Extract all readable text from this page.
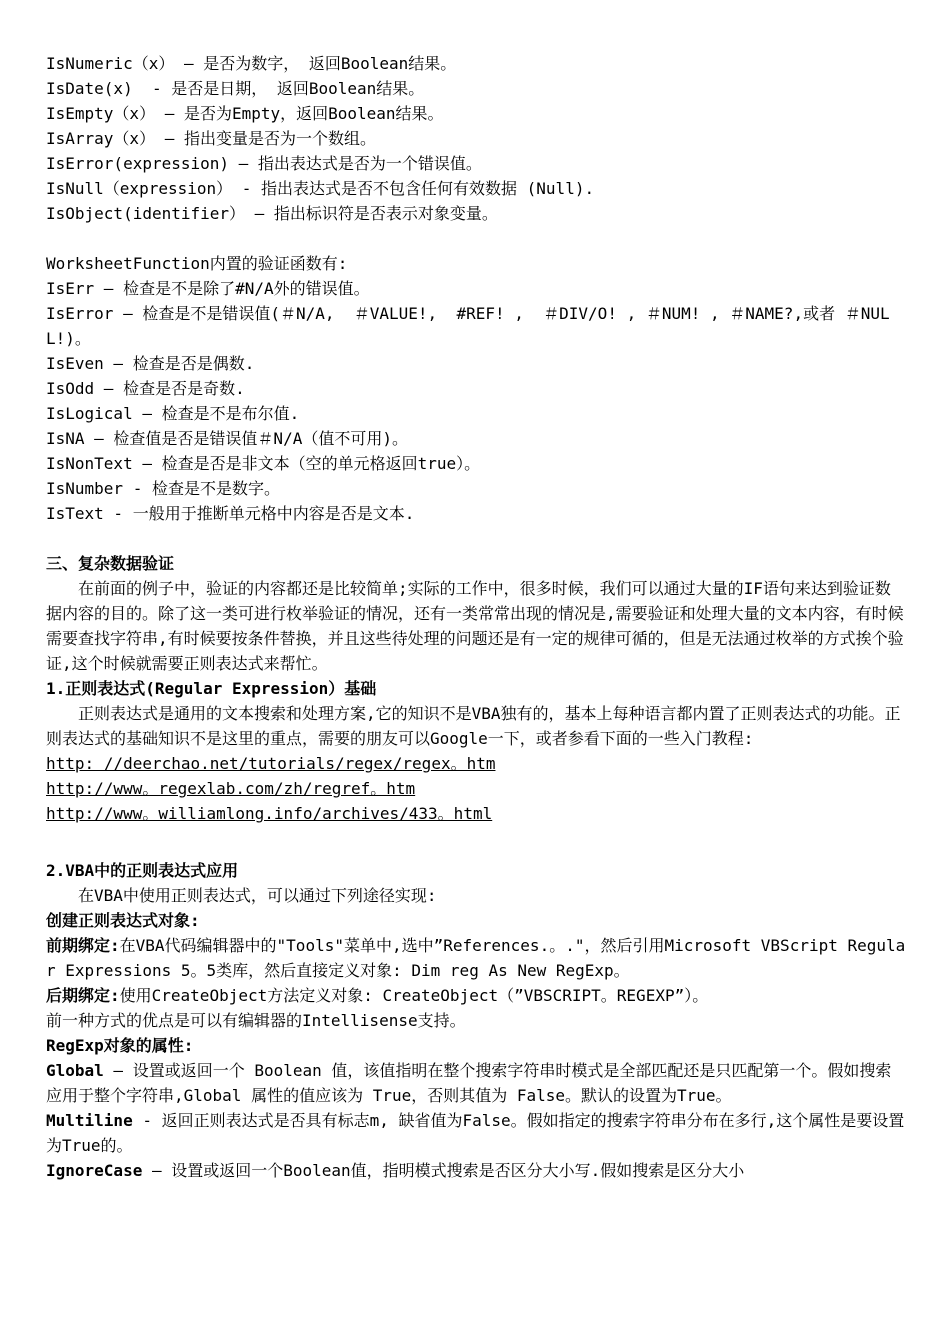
IsNumeric（x） — 是否为数字， 返回Boolean结果。
IsDate(x)  - 是否是日期， 返回Boolean结果。
IsEmpty（x） — 是否为Empty，返回Boolean结果。
IsArray（x） — 指出变量是否为一个数组。
IsError(expression) — 指出表达式是否为一个错误值。
IsNull（expression） - 指出表达式是否不包含任何有效数据 (Null).
IsObject(identifier） — 指出标识符是否表示对象变量。
WorksheetFunction内置的验证函数有:
IsErr — 检查是不是除了#N/A外的错误值。
IsError — 检查是不是错误值(＃N/A,  ＃VALUE!,  #REF! ,  ＃DIV/O! , ＃NUM! , ＃NAME?,或者 ＃NULL!)。
IsEven — 检查是否是偶数.
IsOdd — 检查是否是奇数.
IsLogical — 检查是不是布尔值.
IsNA — 检查值是否是错误值＃N/A（值不可用)。
IsNonText — 检查是否是非文本（空的单元格返回true）。
IsNumber - 检查是不是数字。
IsText - 一般用于推断单元格中内容是否是文本.
三、复杂数据验证
在前面的例子中，验证的内容都还是比较简单;实际的工作中，很多时候，我们可以通过大量的IF语句来达到验证数据内容的目的。除了这一类可进行枚举验证的情况，还有一类常常出现的情况是,需要验证和处理大量的文本内容，有时候需要查找字符串,有时候要按条件替换，并且这些待处理的问题还是有一定的规律可循的，但是无法通过枚举的方式挨个验证,这个时候就需要正则表达式来帮忙。
1.正则表达式(Regular Expression）基础
正则表达式是通用的文本搜索和处理方案,它的知识不是VBA独有的，基本上每种语言都内置了正则表达式的功能。正则表达式的基础知识不是这里的重点，需要的朋友可以Google一下，或者参看下面的一些入门教程:
http: //deerchao.net/tutorials/regex/regex。htm
http://www。regexlab.com/zh/regref。htm
http://www。williamlong.info/archives/433。html
2.VBA中的正则表达式应用
在VBA中使用正则表达式，可以通过下列途径实现:
创建正则表达式对象:
前期绑定:在VBA代码编辑器中的"Tools"菜单中,选中”References.。."，然后引用Microsoft VBScript Regular Expressions 5。5类库，然后直接定义对象: Dim reg As New RegExp。
后期绑定:使用CreateObject方法定义对象: CreateObject（”VBSCRIPT。REGEXP”）。
前一种方式的优点是可以有编辑器的Intellisense支持。
RegExp对象的属性:
Global — 设置或返回一个 Boolean 值，该值指明在整个搜索字符串时模式是全部匹配还是只匹配第一个。假如搜索应用于整个字符串,Global 属性的值应该为 True，否则其值为 False。默认的设置为True。
Multiline - 返回正则表达式是否具有标志m, 缺省值为False。假如指定的搜索字符串分布在多行,这个属性是要设置为True的。
IgnoreCase — 设置或返回一个Boolean值，指明模式搜索是否区分大小写.假如搜索是区分大小
